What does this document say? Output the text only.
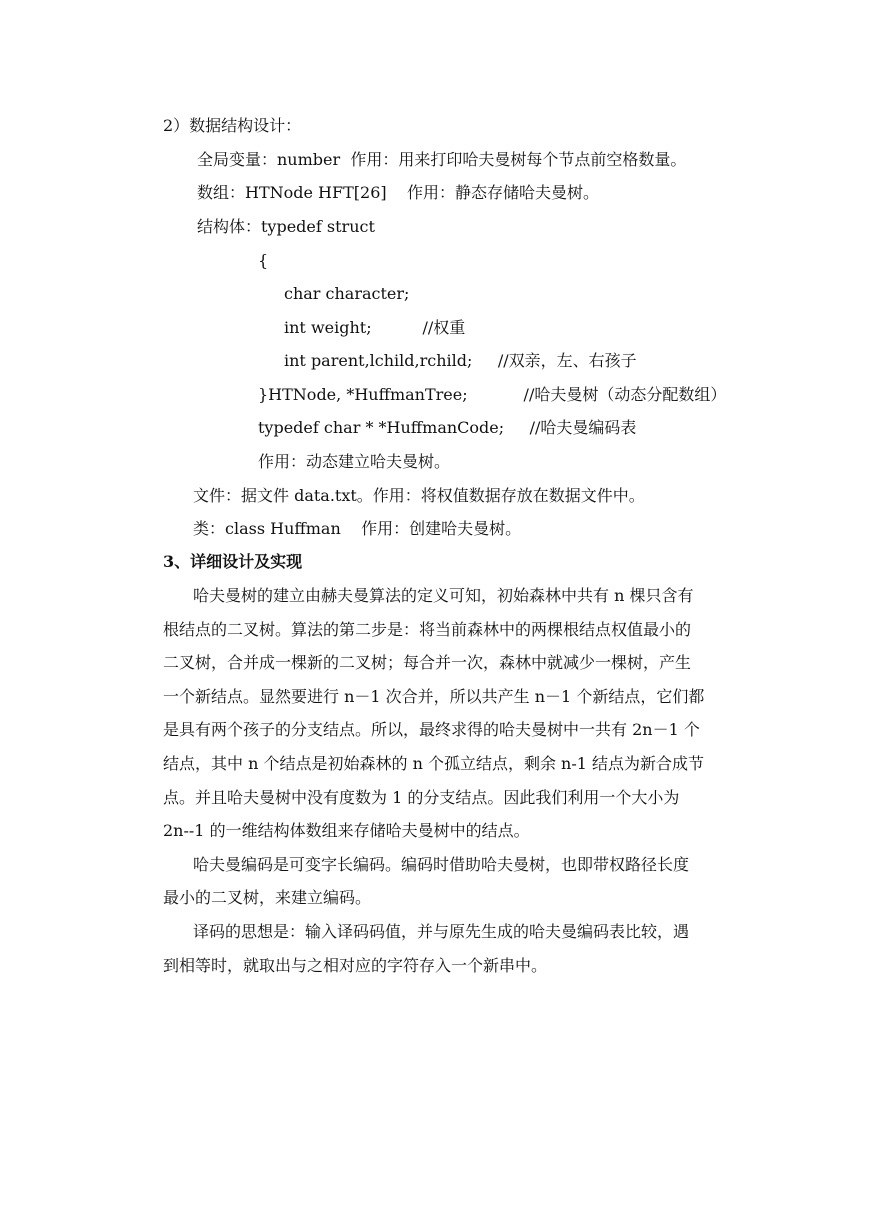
2）数据结构设计：
全局变量：number  作用：用来打印哈夫曼树每个节点前空格数量。
数组：HTNode HFT[26]    作用：静态存储哈夫曼树。
结构体：typedef struct
{
char character;
int weight;          //权重
int parent,lchild,rchild;     //双亲，左、右孩子
}HTNode, *HuffmanTree;           //哈夫曼树（动态分配数组）
typedef char * *HuffmanCode;     //哈夫曼编码表
作用：动态建立哈夫曼树。
文件：据文件 data.txt。作用：将权值数据存放在数据文件中。
类：class Huffman    作用：创建哈夫曼树。
3、详细设计及实现
哈夫曼树的建立由赫夫曼算法的定义可知，初始森林中共有 n 棵只含有
根结点的二叉树。算法的第二步是：将当前森林中的两棵根结点权值最小的
二叉树，合并成一棵新的二叉树；每合并一次，森林中就减少一棵树，产生
一个新结点。显然要进行 n－1 次合并，所以共产生 n－1 个新结点，它们都
是具有两个孩子的分支结点。所以，最终求得的哈夫曼树中一共有 2n－1 个
结点，其中 n 个结点是初始森林的 n 个孤立结点，剩余 n-1 结点为新合成节
点。并且哈夫曼树中没有度数为 1 的分支结点。因此我们利用一个大小为
2n--1 的一维结构体数组来存储哈夫曼树中的结点。
哈夫曼编码是可变字长编码。编码时借助哈夫曼树，也即带权路径长度
最小的二叉树，来建立编码。
译码的思想是：输入译码码值，并与原先生成的哈夫曼编码表比较，遇
到相等时，就取出与之相对应的字符存入一个新串中。
